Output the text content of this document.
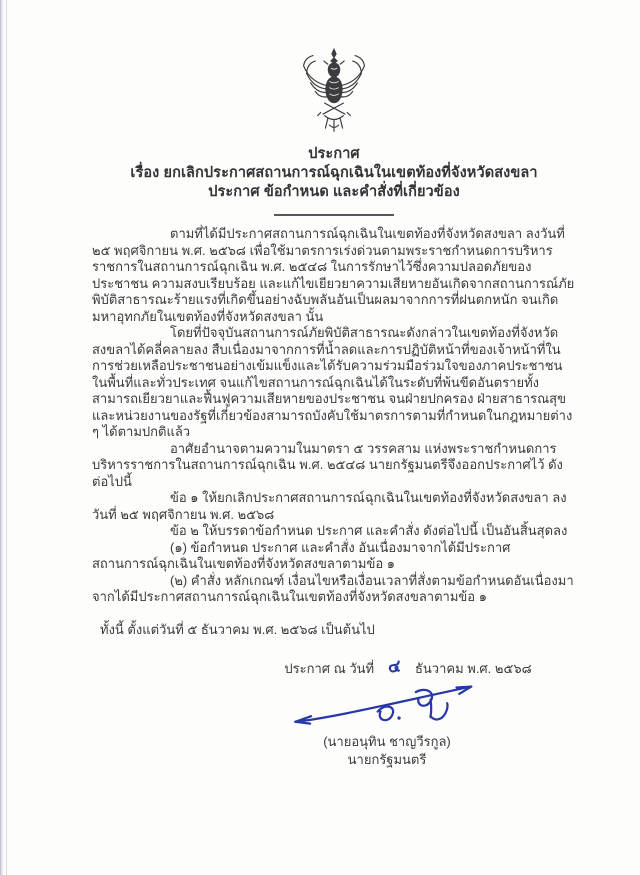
ประกาศ
เรื่อง ยกเลิกประกาศสถานการณ์ฉุกเฉินในเขตท้องที่จังหวัดสงขลา
ประกาศ ข้อกำหนด และคำสั่งที่เกี่ยวข้อง

ตามที่ได้มีประกาศสถานการณ์ฉุกเฉินในเขตท้องที่จังหวัดสงขลา ลงวันที่ ๒๕ พฤศจิกายน พ.ศ. ๒๕๖๘ เพื่อใช้มาตรการเร่งด่วนตามพระราชกำหนดการบริหารราชการในสถานการณ์ฉุกเฉิน พ.ศ. ๒๕๔๘ ในการรักษาไว้ซึ่งความปลอดภัยของประชาชน ความสงบเรียบร้อย และแก้ไขเยียวยาความเสียหายอันเกิดจากสถานการณ์ภัยพิบัติสาธารณะร้ายแรงที่เกิดขึ้นอย่างฉับพลันอันเป็นผลมาจากการที่ฝนตกหนัก จนเกิดมหาอุทกภัยในเขตท้องที่จังหวัดสงขลา นั้น

โดยที่ปัจจุบันสถานการณ์ภัยพิบัติสาธารณะดังกล่าวในเขตท้องที่จังหวัดสงขลาได้คลี่คลายลง สืบเนื่องมาจากการที่น้ำลดและการปฏิบัติหน้าที่ของเจ้าหน้าที่ในการช่วยเหลือประชาชนอย่างเข้มแข็งและได้รับความร่วมมือร่วมใจของภาคประชาชนในพื้นที่และทั่วประเทศ จนแก้ไขสถานการณ์ฉุกเฉินได้ในระดับที่พ้นขีดอันตรายทั้งสามารถเยียวยาและฟื้นฟูความเสียหายของประชาชน จนฝ่ายปกครอง ฝ่ายสาธารณสุข และหน่วยงานของรัฐที่เกี่ยวข้องสามารถบังคับใช้มาตรการตามที่กำหนดในกฎหมายต่าง ๆ ได้ตามปกติแล้ว

อาศัยอำนาจตามความในมาตรา ๕ วรรคสาม แห่งพระราชกำหนดการบริหารราชการในสถานการณ์ฉุกเฉิน พ.ศ. ๒๕๔๘ นายกรัฐมนตรีจึงออกประกาศไว้ ดังต่อไปนี้

ข้อ ๑ ให้ยกเลิกประกาศสถานการณ์ฉุกเฉินในเขตท้องที่จังหวัดสงขลา ลงวันที่ ๒๕ พฤศจิกายน พ.ศ. ๒๕๖๘

ข้อ ๒ ให้บรรดาข้อกำหนด ประกาศ และคำสั่ง ดังต่อไปนี้ เป็นอันสิ้นสุดลง

(๑) ข้อกำหนด ประกาศ และคำสั่ง อันเนื่องมาจากได้มีประกาศสถานการณ์ฉุกเฉินในเขตท้องที่จังหวัดสงขลาตามข้อ ๑

(๒) คำสั่ง หลักเกณฑ์ เงื่อนไขหรือเงื่อนเวลาที่สั่งตามข้อกำหนดอันเนื่องมาจากได้มีประกาศสถานการณ์ฉุกเฉินในเขตท้องที่จังหวัดสงขลาตามข้อ ๑

ทั้งนี้ ตั้งแต่วันที่ ๕ ธันวาคม พ.ศ. ๒๕๖๘ เป็นต้นไป

ประกาศ ณ วันที่ ๔ ธันวาคม พ.ศ. ๒๕๖๘
(นายอนุทิน ชาญวีรกูล)
นายกรัฐมนตรี
